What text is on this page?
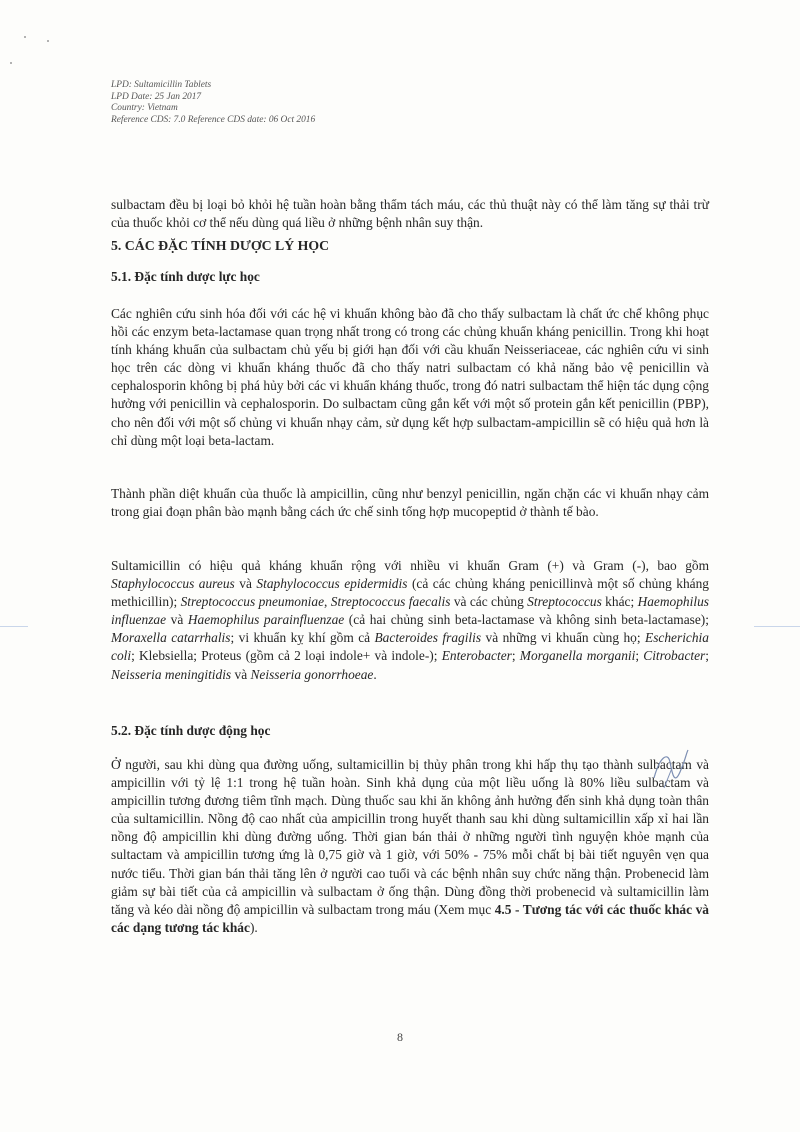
LPD: Sultamicillin Tablets
LPD Date: 25 Jan 2017
Country: Vietnam
Reference CDS: 7.0 Reference CDS date: 06 Oct 2016
sulbactam đều bị loại bỏ khỏi hệ tuần hoàn bằng thẩm tách máu, các thủ thuật này có thể làm tăng sự thải trừ của thuốc khỏi cơ thể nếu dùng quá liều ở những bệnh nhân suy thận.
5. CÁC ĐẶC TÍNH DƯỢC LÝ HỌC
5.1. Đặc tính dược lực học
Các nghiên cứu sinh hóa đối với các hệ vi khuẩn không bào đã cho thấy sulbactam là chất ức chế không phục hồi các enzym beta-lactamase quan trọng nhất trong có trong các chủng khuẩn kháng penicillin. Trong khi hoạt tính kháng khuẩn của sulbactam chủ yếu bị giới hạn đối với cầu khuẩn Neisseriaceae, các nghiên cứu vi sinh học trên các dòng vi khuẩn kháng thuốc đã cho thấy natri sulbactam có khả năng bảo vệ penicillin và cephalosporin không bị phá hủy bởi các vi khuẩn kháng thuốc, trong đó natri sulbactam thể hiện tác dụng cộng hưởng với penicillin và cephalosporin. Do sulbactam cũng gắn kết với một số protein gắn kết penicillin (PBP), cho nên đối với một số chủng vi khuẩn nhạy cảm, sử dụng kết hợp sulbactam-ampicillin sẽ có hiệu quả hơn là chỉ dùng một loại beta-lactam.
Thành phần diệt khuẩn của thuốc là ampicillin, cũng như benzyl penicillin, ngăn chặn các vi khuẩn nhạy cảm trong giai đoạn phân bào mạnh bằng cách ức chế sinh tổng hợp mucopeptid ở thành tế bào.
Sultamicillin có hiệu quả kháng khuẩn rộng với nhiều vi khuẩn Gram (+) và Gram (-), bao gồm Staphylococcus aureus và Staphylococcus epidermidis (cả các chủng kháng penicillinvà một số chủng kháng methicillin); Streptococcus pneumoniae, Streptococcus faecalis và các chủng Streptococcus khác; Haemophilus influenzae và Haemophilus parainfluenzae (cả hai chủng sinh beta-lactamase và không sinh beta-lactamase); Moraxella catarrhalis; vi khuẩn kỵ khí gồm cả Bacteroides fragilis và những vi khuẩn cùng họ; Escherichia coli; Klebsiella; Proteus (gồm cả 2 loại indole+ và indole-); Enterobacter; Morganella morganii; Citrobacter; Neisseria meningitidis và Neisseria gonorrhoeae.
5.2. Đặc tính dược động học
Ở người, sau khi dùng qua đường uống, sultamicillin bị thủy phân trong khi hấp thụ tạo thành sulbactam và ampicillin với tỷ lệ 1:1 trong hệ tuần hoàn. Sinh khả dụng của một liều uống là 80% liều sulbactam và ampicillin tương đương tiêm tĩnh mạch. Dùng thuốc sau khi ăn không ảnh hưởng đến sinh khả dụng toàn thân của sultamicillin. Nồng độ cao nhất của ampicillin trong huyết thanh sau khi dùng sultamicillin xấp xỉ hai lần nồng độ ampicillin khi dùng đường uống. Thời gian bán thải ở những người tình nguyện khỏe mạnh của sultactam và ampicillin tương ứng là 0,75 giờ và 1 giờ, với 50% - 75% mỗi chất bị bài tiết nguyên vẹn qua nước tiểu. Thời gian bán thải tăng lên ở người cao tuổi và các bệnh nhân suy chức năng thận. Probenecid làm giảm sự bài tiết của cả ampicillin và sulbactam ở ống thận. Dùng đồng thời probenecid và sultamicillin làm tăng và kéo dài nồng độ ampicillin và sulbactam trong máu (Xem mục 4.5 - Tương tác với các thuốc khác và các dạng tương tác khác).
8
